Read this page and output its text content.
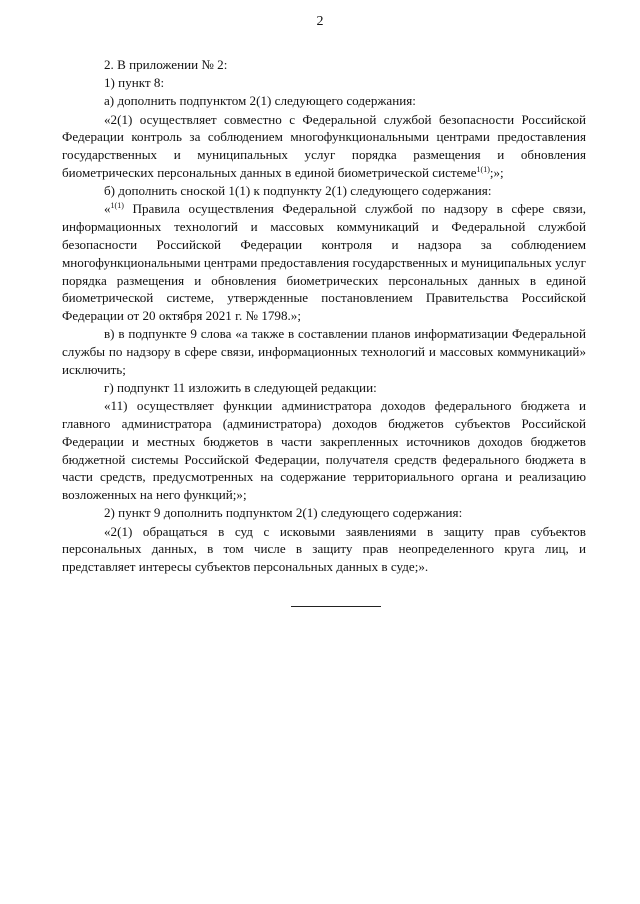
2

2. В приложении № 2:

1) пункт 8:

а) дополнить подпунктом 2(1) следующего содержания:

«2(1) осуществляет совместно с Федеральной службой безопасности Российской Федерации контроль за соблюдением многофункциональными центрами предоставления государственных и муниципальных услуг порядка размещения и обновления биометрических персональных данных в единой биометрической системе$^{1(1)}$;»;

б) дополнить сноской 1(1) к подпункту 2(1) следующего содержания:

«$^{1(1)}$ Правила осуществления Федеральной службой по надзору в сфере связи, информационных технологий и массовых коммуникаций и Федеральной службой безопасности Российской Федерации контроля и надзора за соблюдением многофункциональными центрами предоставления государственных и муниципальных услуг порядка размещения и обновления биометрических персональных данных в единой биометрической системе, утвержденные постановлением Правительства Российской Федерации от 20 октября 2021 г. № 1798.»;

в) в подпункте 9 слова «а также в составлении планов информатизации Федеральной службы по надзору в сфере связи, информационных технологий и массовых коммуникаций» исключить;

г) подпункт 11 изложить в следующей редакции:

«11) осуществляет функции администратора доходов федерального бюджета и главного администратора (администратора) доходов бюджетов субъектов Российской Федерации и местных бюджетов в части закрепленных источников доходов бюджетов бюджетной системы Российской Федерации, получателя средств федерального бюджета в части средств, предусмотренных на содержание территориального органа и реализацию возложенных на него функций;»;

2) пункт 9 дополнить подпунктом 2(1) следующего содержания:

«2(1) обращаться в суд с исковыми заявлениями в защиту прав субъектов персональных данных, в том числе в защиту прав неопределенного круга лиц, и представляет интересы субъектов персональных данных в суде;».
